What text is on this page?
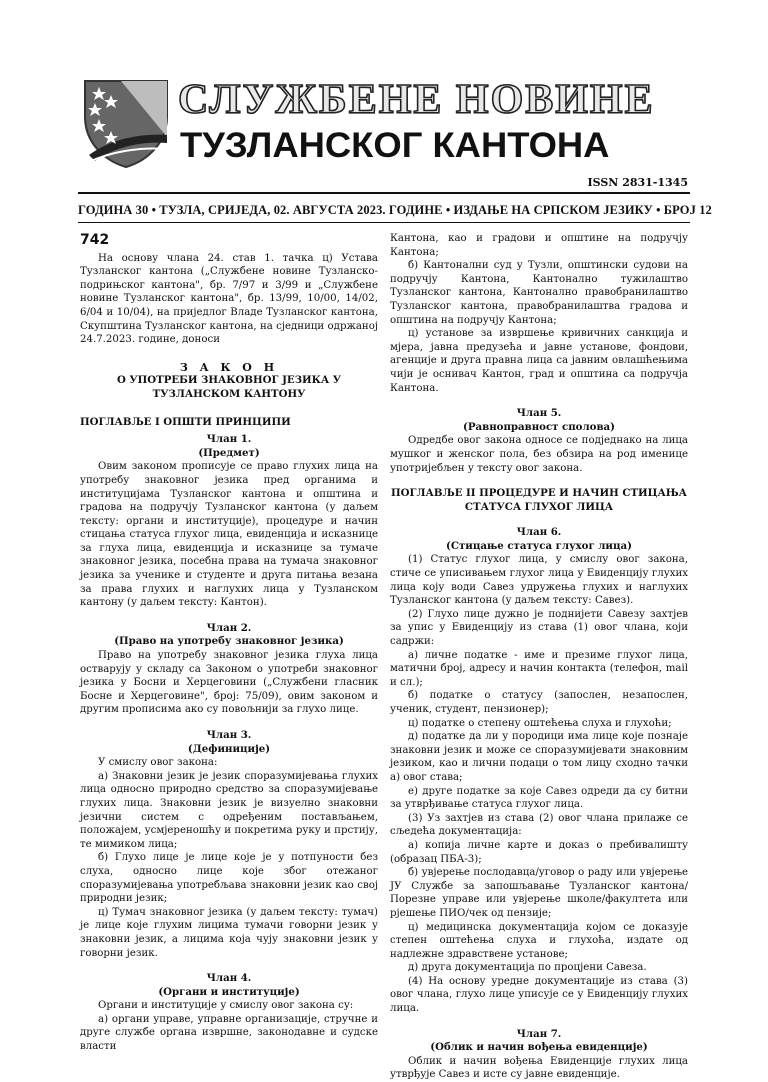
СЛУЖБЕНЕ НОВИНЕ
ТУЗЛАНСКОГ КАНТОНА
ISSN 2831-1345
ГОДИНА 30 • ТУЗЛА, СРИЈЕДА, 02. АВГУСТА 2023. ГОДИНЕ • ИЗДАЊЕ НА СРПСКОМ ЈЕЗИКУ • БРОЈ 12
742

На основу члана 24. став 1. тачка ц) Устава Тузланског кантона („Службене новине Тузланско-подрињског кантона", бр. 7/97 и 3/99 и „Службене новине Тузланског кантона", бр. 13/99, 10/00, 14/02, 6/04 и 10/04), на приједлог Владе Тузланског кантона, Скупштина Тузланског кантона, на сједници одржаној 24.7.2023. године, доноси

З А К О Н
О УПОТРЕБИ ЗНАКОВНОГ ЈЕЗИКА У ТУЗЛАНСКОМ КАНТОНУ
ПОГЛАВЉЕ I ОПШТИ ПРИНЦИПИ
Члан 1.
(Предмет)

Овим законом прописује се право глухих лица на употребу знаковног језика пред органима и институцијама Тузланског кантона и општина и градова на подручју Тузланског кантона (у даљем тексту: органи и институције), процедуре и начин стицања статуса глухог лица, евиденција и исказнице за глуха лица, евиденција и исказнице за тумаче знаковног језика, посебна права на тумача знаковног језика за ученике и студенте и друга питања везана за права глухих и наглухих лица у Тузланском кантону (у даљем тексту: Кантон).

Члан 2.
(Право на употребу знаковног језика)

Право на употребу знаковног језика глуха лица остварују у складу са Законом о употреби знаковног језика у Босни и Херцеговини („Службени гласник Босне и Херцеговине", број: 75/09), овим законом и другим прописима ако су повољнији за глухо лице.

Члан 3.
(Дефиниције)

У смислу овог закона:

а) Знаковни језик је језик споразумијевања глухих лица односно природно средство за споразумијевање глухих лица. Знаковни језик је визуелно знаковни језични систем с одређеним постављањем, положајем, усмјереношћу и покретима руку и прстију, те мимиком лица;

б) Глухо лице је лице које је у потпуности без слуха, односно лице које због отежаног споразумијевања употребљава знаковни језик као свој природни језик;

ц) Тумач знаковног језика (у даљем тексту: тумач) је лице које глухим лицима тумачи говорни језик у знаковни језик, а лицима која чују знаковни језик у говорни језик.

Члан 4.
(Органи и институције)

Органи и институције у смислу овог закона су:

а) органи управе, управне организације, стручне и друге службе органа извршне, законодавне и судске власти

Кантона, као и градови и општине на подручју Кантона;

б) Кантонални суд у Тузли, општински судови на подручју Кантона, Кантонално тужилаштво Тузланског кантона, Кантонално правобранилаштво Тузланског кантона, правобранилаштва градова и општина на подручју Кантона;

ц) установе за извршење кривичних санкција и мјера, јавна предузећа и јавне установе, фондови, агенције и друга правна лица са јавним овлашћењима чији је оснивач Кантон, град и општина са подручја Кантона.

Члан 5.
(Равноправност сполова)

Одредбе овог закона односе се подједнако на лица мушког и женског пола, без обзира на род именице употријебљен у тексту овог закона.

ПОГЛАВЉЕ II ПРОЦЕДУРЕ И НАЧИН СТИЦАЊА
СТАТУСА ГЛУХОГ ЛИЦА
Члан 6.
(Стицање статуса глухог лица)

(1) Статус глухог лица, у смислу овог закона, стиче се уписивањем глухог лица у Евиденцију глухих лица коју води Савез удружења глухих и наглухих Тузланског кантона (у даљем тексту: Савез).

(2) Глухо лице дужно је поднијети Савезу захтјев за упис у Евиденцију из става (1) овог члана, који садржи:

а) личне податке - име и презиме глухог лица, матични број, адресу и начин контакта (телефон, mail и сл.);

б) податке о статусу (запослен, незапослен, ученик, студент, пензионер);

ц) податке о степену оштећења слуха и глухоћи;

д) податке да ли у породици има лице које познаје знаковни језик и може се споразумијевати знаковним језиком, као и лични подаци о том лицу сходно тачки а) овог става;

е) друге податке за које Савез одреди да су битни за утврђивање статуса глухог лица.

(3) Уз захтјев из става (2) овог члана прилаже се сљедећа документација:

а) копија личне карте и доказ о пребивалишту (образац ПБА-3);

б) увјерење послодавца/уговор о раду или увјерење ЈУ Службе за запошљавање Тузланског кантона/Порезне управе или увјерење школе/факултета или рјешење ПИО/чек од пензије;

ц) медицинска документација којом се доказује степен оштећења слуха и глухоћа, издате од надлежне здравствене установе;

д) друга документација по процјени Савеза.

(4) На основу уредне документације из става (3) овог члана, глухо лице уписује се у Евиденцију глухих лица.

Члан 7.
(Облик и начин вођења евиденције)

Облик и начин вођења Евиденције глухих лица утврђује Савез и исте су јавне евиденције.
